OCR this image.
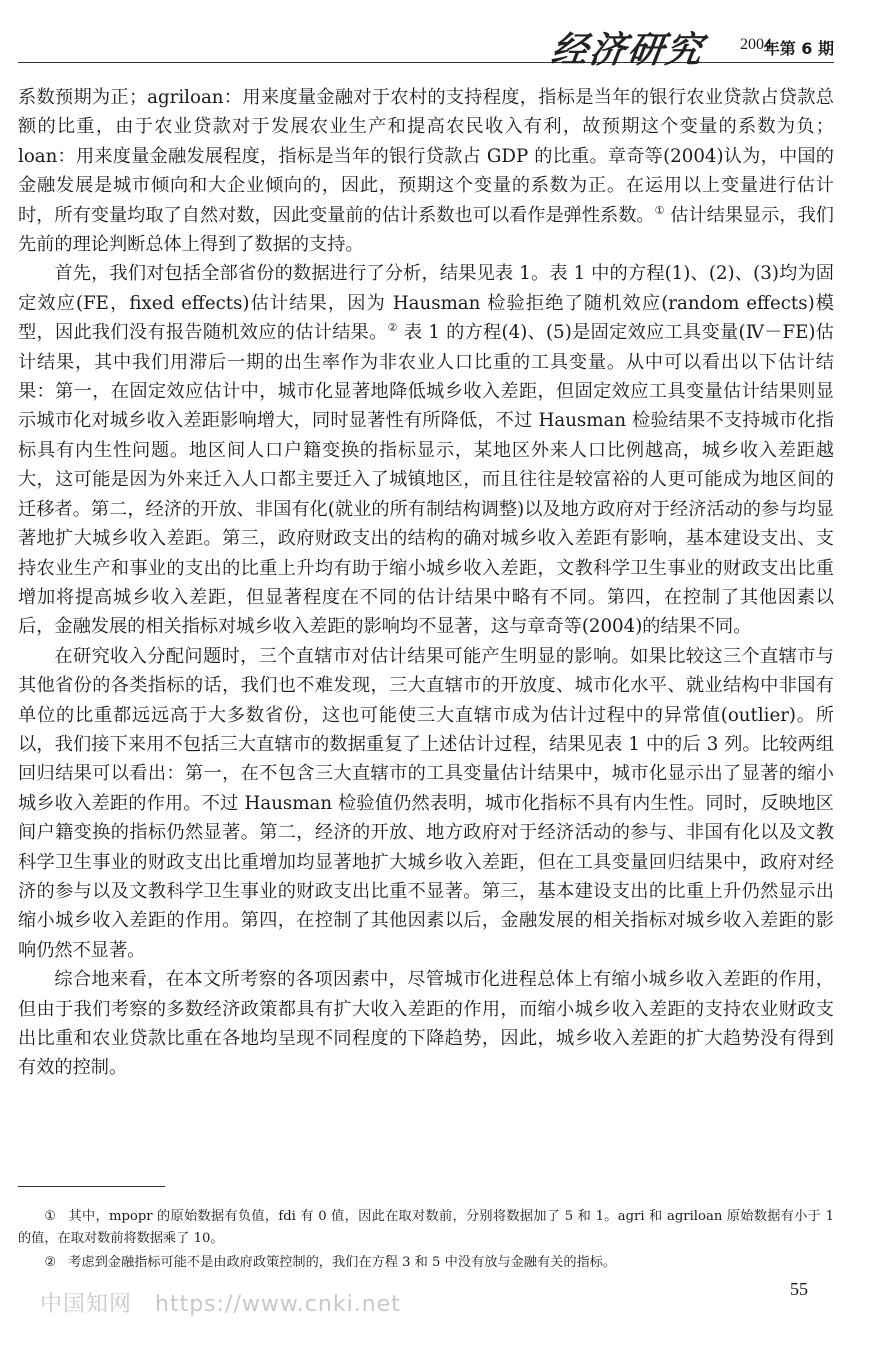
经济研究 2004
年第 6 期

系数预期为正；agriloan：用来度量金融对于农村的支持程度，指标是当年的银行农业贷款占贷款总额的比重，由于农业贷款对于发展农业生产和提高农民收入有利，故预期这个变量的系数为负；loan：用来度量金融发展程度，指标是当年的银行贷款占 GDP 的比重。章奇等(2004)认为，中国的金融发展是城市倾向和大企业倾向的，因此，预期这个变量的系数为正。在运用以上变量进行估计时，所有变量均取了自然对数，因此变量前的估计系数也可以看作是弹性系数。① 估计结果显示，我们先前的理论判断总体上得到了数据的支持。

首先，我们对包括全部省份的数据进行了分析，结果见表 1。表 1 中的方程(1)、(2)、(3)均为固定效应(FE，fixed effects)估计结果，因为 Hausman 检验拒绝了随机效应(random effects)模型，因此我们没有报告随机效应的估计结果。② 表 1 的方程(4)、(5)是固定效应工具变量(Ⅳ－FE)估计结果，其中我们用滞后一期的出生率作为非农业人口比重的工具变量。从中可以看出以下估计结果：第一，在固定效应估计中，城市化显著地降低城乡收入差距，但固定效应工具变量估计结果则显示城市化对城乡收入差距影响增大，同时显著性有所降低，不过 Hausman 检验结果不支持城市化指标具有内生性问题。地区间人口户籍变换的指标显示，某地区外来人口比例越高，城乡收入差距越大，这可能是因为外来迁入人口都主要迁入了城镇地区，而且往往是较富裕的人更可能成为地区间的迁移者。第二，经济的开放、非国有化(就业的所有制结构调整)以及地方政府对于经济活动的参与均显著地扩大城乡收入差距。第三，政府财政支出的结构的确对城乡收入差距有影响，基本建设支出、支持农业生产和事业的支出的比重上升均有助于缩小城乡收入差距，文教科学卫生事业的财政支出比重增加将提高城乡收入差距，但显著程度在不同的估计结果中略有不同。第四，在控制了其他因素以后，金融发展的相关指标对城乡收入差距的影响均不显著，这与章奇等(2004)的结果不同。

在研究收入分配问题时，三个直辖市对估计结果可能产生明显的影响。如果比较这三个直辖市与其他省份的各类指标的话，我们也不难发现，三大直辖市的开放度、城市化水平、就业结构中非国有单位的比重都远远高于大多数省份，这也可能使三大直辖市成为估计过程中的异常值(outlier)。所以，我们接下来用不包括三大直辖市的数据重复了上述估计过程，结果见表 1 中的后 3 列。比较两组回归结果可以看出：第一，在不包含三大直辖市的工具变量估计结果中，城市化显示出了显著的缩小城乡收入差距的作用。不过 Hausman 检验值仍然表明，城市化指标不具有内生性。同时，反映地区间户籍变换的指标仍然显著。第二，经济的开放、地方政府对于经济活动的参与、非国有化以及文教科学卫生事业的财政支出比重增加均显著地扩大城乡收入差距，但在工具变量回归结果中，政府对经济的参与以及文教科学卫生事业的财政支出比重不显著。第三，基本建设支出的比重上升仍然显示出缩小城乡收入差距的作用。第四，在控制了其他因素以后，金融发展的相关指标对城乡收入差距的影响仍然不显著。

综合地来看，在本文所考察的各项因素中，尽管城市化进程总体上有缩小城乡收入差距的作用，但由于我们考察的多数经济政策都具有扩大收入差距的作用，而缩小城乡收入差距的支持农业财政支出比重和农业贷款比重在各地均呈现不同程度的下降趋势，因此，城乡收入差距的扩大趋势没有得到有效的控制。

① 其中，mpopr 的原始数据有负值，fdi 有 0 值，因此在取对数前，分别将数据加了 5 和 1。agri 和 agriloan 原始数据有小于 1 的值，在取对数前将数据乘了 10。

② 考虑到金融指标可能不是由政府政策控制的，我们在方程 3 和 5 中没有放与金融有关的指标。

中国知网　https://www.cnki.net
55
